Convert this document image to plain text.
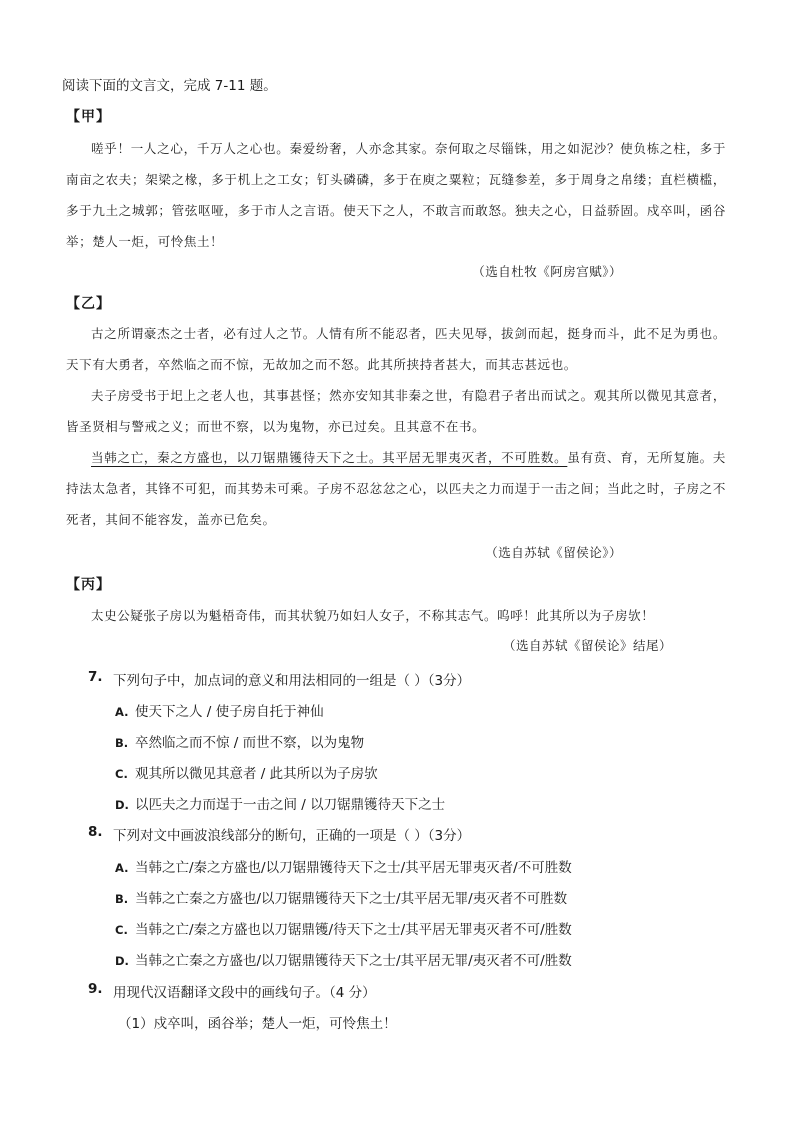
阅读下面的文言文，完成 7-11 题。
【甲】

嗟乎！一人之心，千万人之心也。秦爱纷奢，人亦念其家。奈何取之尽锱铢，用之如泥沙？使负栋之柱，多于南亩之农夫；架梁之椽，多于机上之工女；钉头磷磷，多于在庾之粟粒；瓦缝参差，多于周身之帛缕；直栏横槛，多于九土之城郭；管弦呕哑，多于市人之言语。使天下之人，不敢言而敢怒。独夫之心，日益骄固。戍卒叫，函谷举；楚人一炬，可怜焦土！

（选自杜牧《阿房宫赋》）
【乙】

古之所谓豪杰之士者，必有过人之节。人情有所不能忍者，匹夫见辱，拔剑而起，挺身而斗，此不足为勇也。天下有大勇者，卒然临之而不惊，无故加之而不怒。此其所挟持者甚大，而其志甚远也。

夫子房受书于圯上之老人也，其事甚怪；然亦安知其非秦之世，有隐君子者出而试之。观其所以微见其意者，皆圣贤相与警戒之义；而世不察，以为鬼物，亦已过矣。且其意不在书。

当韩之亡，秦之方盛也，以刀锯鼎镬待天下之士。其平居无罪夷灭者，不可胜数。虽有贲、育，无所复施。夫持法太急者，其锋不可犯，而其势未可乘。子房不忍忿忿之心，以匹夫之力而逞于一击之间；当此之时，子房之不死者，其间不能容发，盖亦已危矣。

（选自苏轼《留侯论》）
【丙】

太史公疑张子房以为魁梧奇伟，而其状貌乃如妇人女子，不称其志气。呜呼！此其所以为子房欤！

（选自苏轼《留侯论》结尾）
7. 下列句子中，加点词的意义和用法相同的一组是（ ）（3分）
A. 使天下之人 / 使子房自托于神仙
B. 卒然临之而不惊 / 而世不察，以为鬼物
C. 观其所以微见其意者 / 此其所以为子房欤
D. 以匹夫之力而逞于一击之间 / 以刀锯鼎镬待天下之士
8. 下列对文中画波浪线部分的断句，正确的一项是（ ）（3分）
A. 当韩之亡/秦之方盛也/以刀锯鼎镬待天下之士/其平居无罪夷灭者/不可胜数
B. 当韩之亡秦之方盛也/以刀锯鼎镬待天下之士/其平居无罪/夷灭者不可胜数
C. 当韩之亡/秦之方盛也以刀锯鼎镬/待天下之士/其平居无罪夷灭者不可/胜数
D. 当韩之亡秦之方盛也/以刀锯鼎镬待天下之士/其平居无罪/夷灭者不可/胜数
9. 用现代汉语翻译文段中的画线句子。（4 分）
（1）戍卒叫，函谷举；楚人一炬，可怜焦土！
